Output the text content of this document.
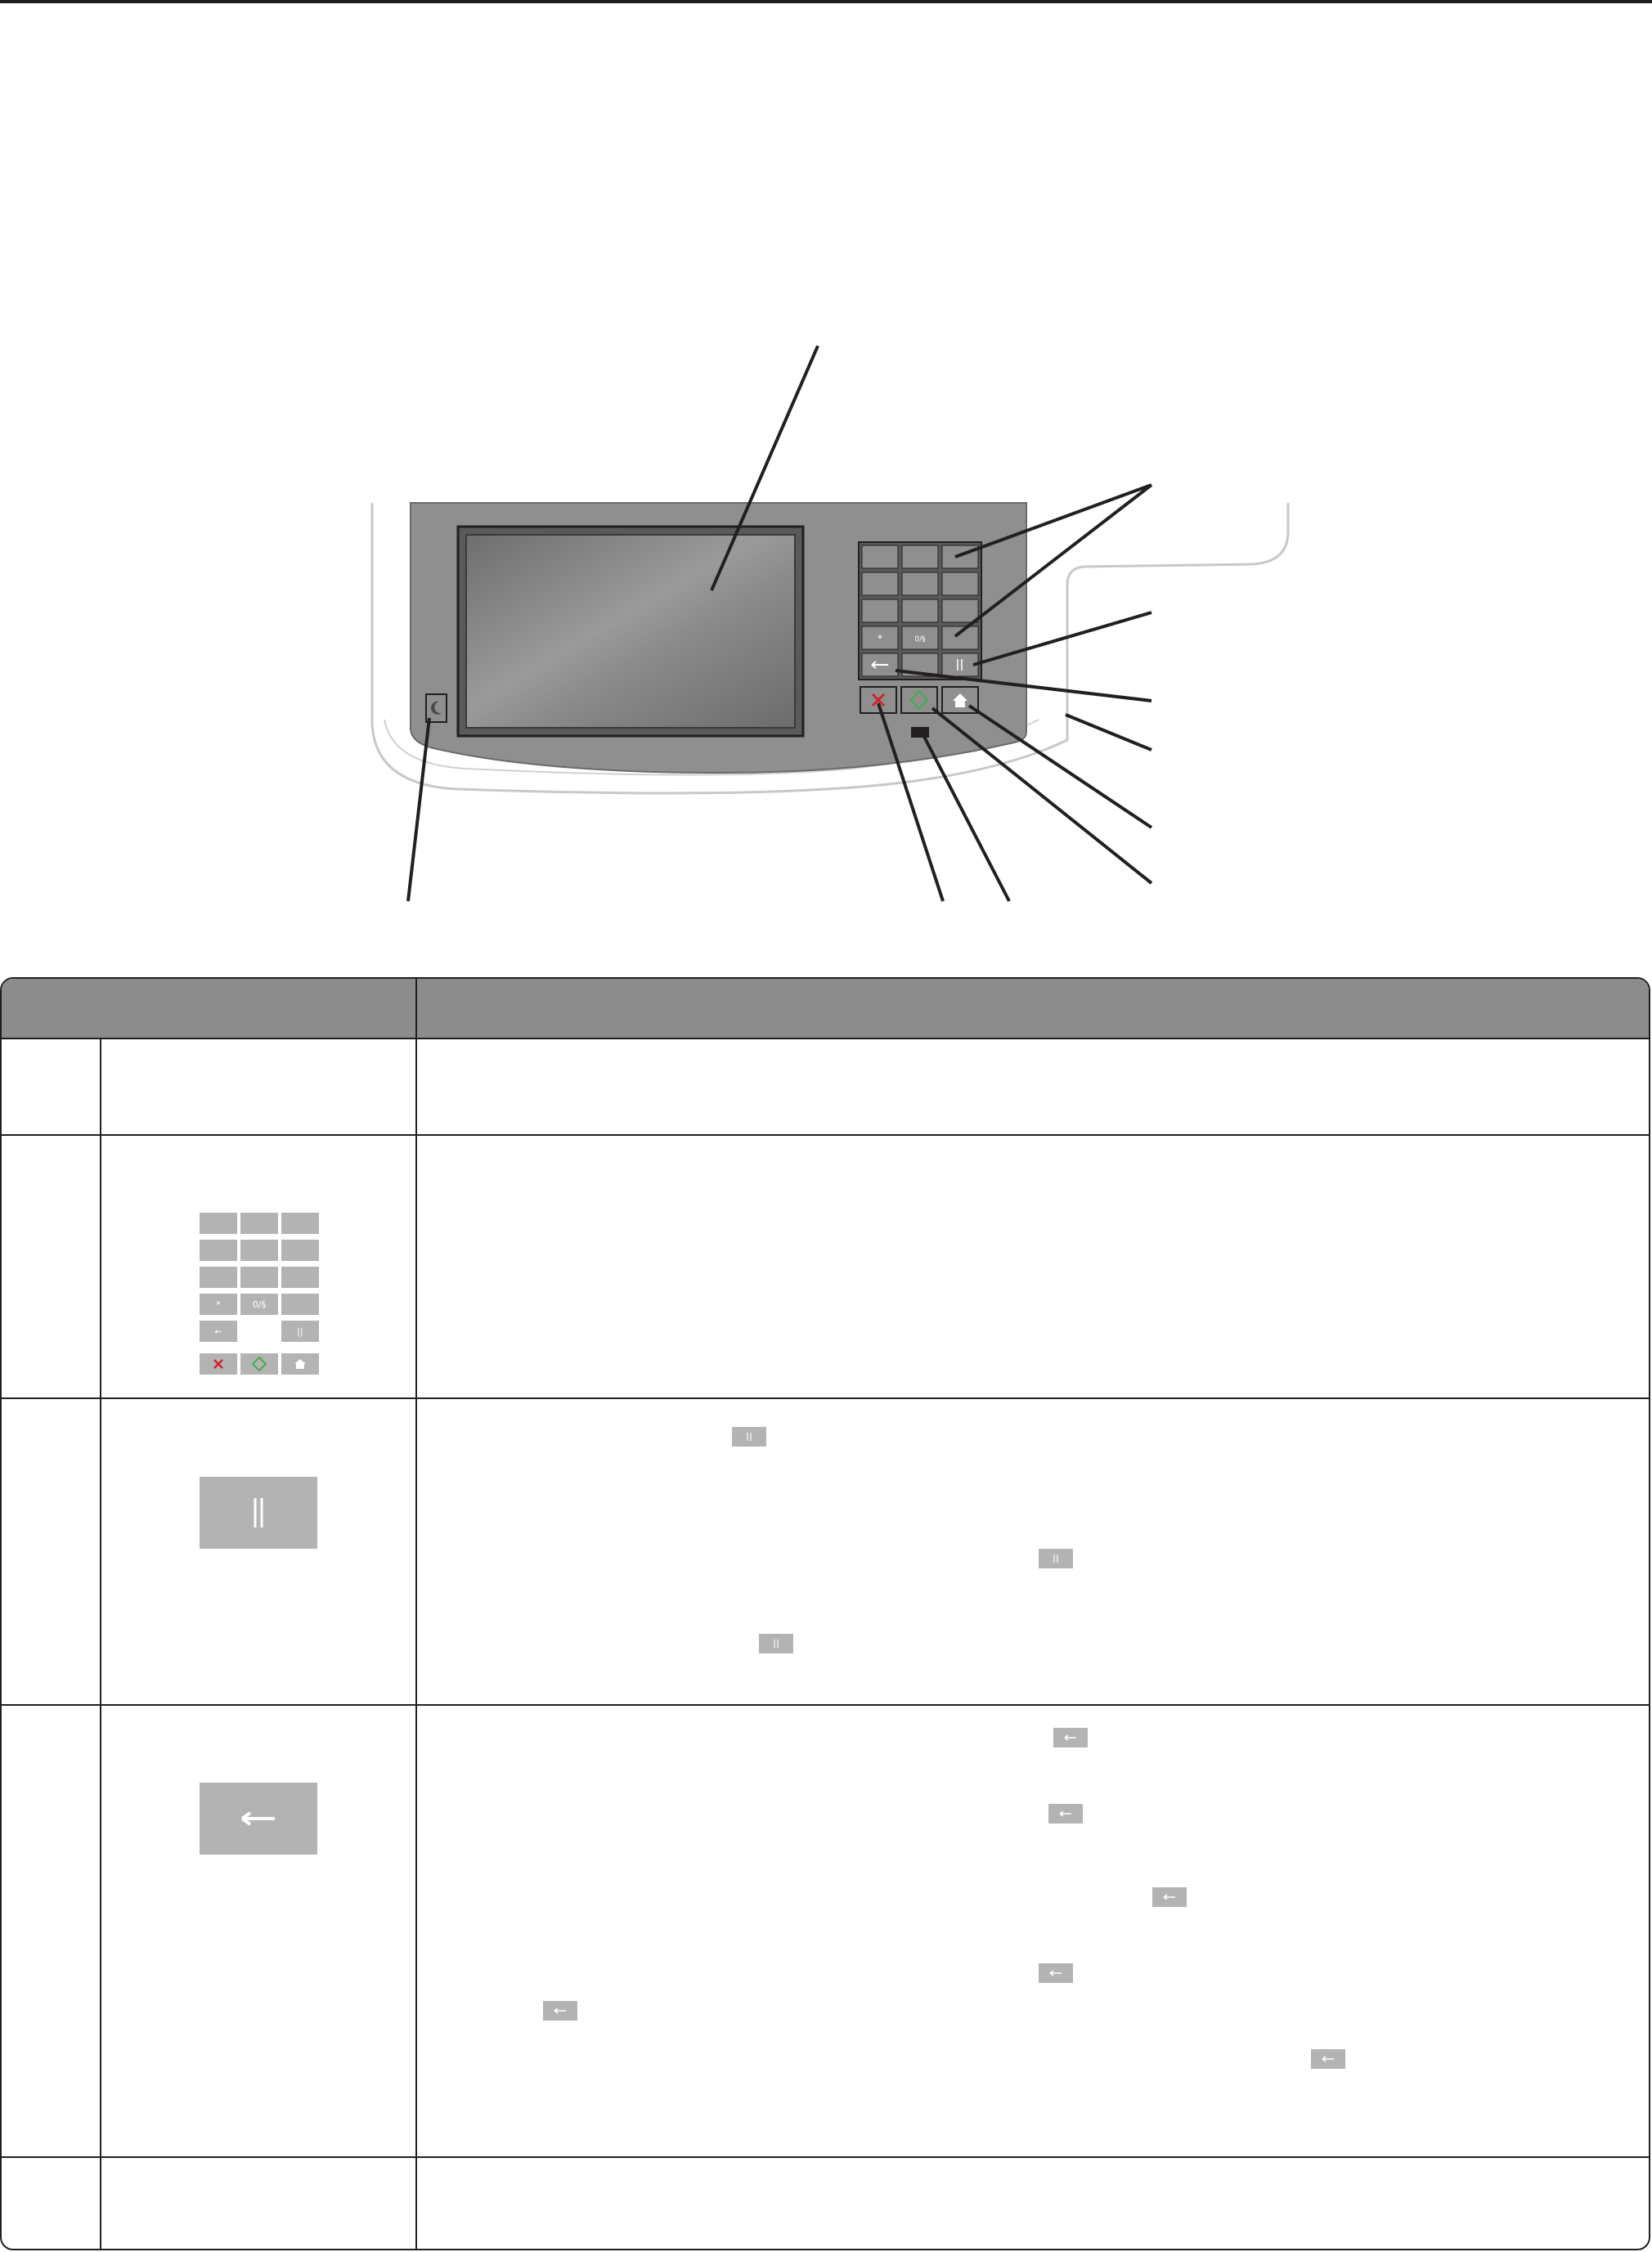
*	0/§
*	0/§
←	||
